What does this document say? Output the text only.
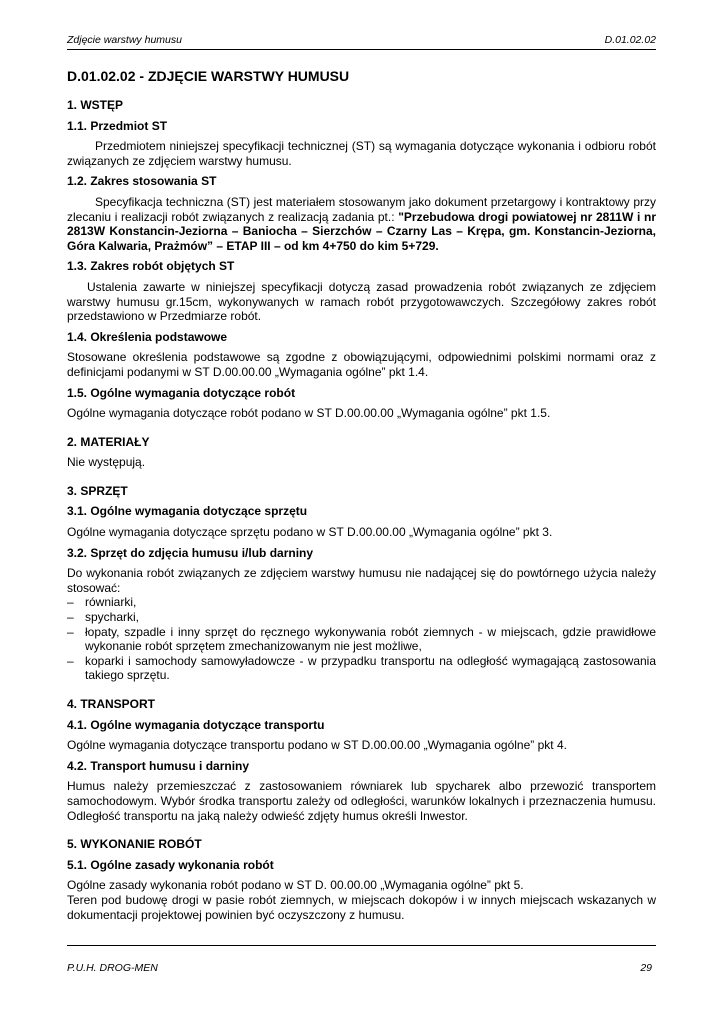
Zdjęcie warstwy humusu	D.01.02.02
D.01.02.02 - ZDJĘCIE WARSTWY HUMUSU
1. WSTĘP
1.1. Przedmiot ST
Przedmiotem niniejszej specyfikacji technicznej (ST) są wymagania dotyczące wykonania i odbioru robót związanych ze zdjęciem warstwy humusu.
1.2. Zakres stosowania ST
Specyfikacja techniczna (ST) jest materiałem stosowanym jako dokument przetargowy i kontraktowy przy zlecaniu i realizacji robót związanych z realizacją zadania pt.: "Przebudowa drogi powiatowej nr 2811W i nr 2813W Konstancin-Jeziorna – Baniocha – Sierzchów – Czarny Las – Krępa, gm. Konstancin-Jeziorna, Góra Kalwaria, Prażmów” – ETAP III – od km 4+750 do kim 5+729.
1.3. Zakres robót objętych ST
Ustalenia zawarte w niniejszej specyfikacji dotyczą zasad prowadzenia robót związanych ze zdjęciem warstwy humusu gr.15cm, wykonywanych w ramach robót przygotowawczych. Szczegółowy zakres robót przedstawiono w Przedmiarze robót.
1.4. Określenia podstawowe
Stosowane określenia podstawowe są zgodne z obowiązującymi, odpowiednimi polskimi normami oraz z definicjami podanymi w ST D.00.00.00 „Wymagania ogólne” pkt 1.4.
1.5. Ogólne wymagania dotyczące robót
Ogólne wymagania dotyczące robót podano w ST D.00.00.00 „Wymagania ogólne” pkt 1.5.
2. MATERIAŁY
Nie występują.
3. SPRZĘT
3.1. Ogólne wymagania dotyczące sprzętu
Ogólne wymagania dotyczące sprzętu podano w ST D.00.00.00 „Wymagania ogólne” pkt 3.
3.2. Sprzęt do zdjęcia humusu i/lub darniny
Do wykonania robót związanych ze zdjęciem warstwy humusu nie nadającej się do powtórnego użycia należy stosować:
– równiarki,
– spycharki,
– łopaty, szpadle i inny sprzęt do ręcznego wykonywania robót ziemnych - w miejscach, gdzie prawidłowe wykonanie robót sprzętem zmechanizowanym nie jest możliwe,
– koparki i samochody samowyładowcze - w przypadku transportu na odległość wymagającą zastosowania takiego sprzętu.
4. TRANSPORT
4.1. Ogólne wymagania dotyczące transportu
Ogólne wymagania dotyczące transportu podano w ST D.00.00.00 „Wymagania ogólne” pkt 4.
4.2. Transport humusu i darniny
Humus należy przemieszczać z zastosowaniem równiarek lub spycharek albo przewozić transportem samochodowym. Wybór środka transportu zależy od odległości, warunków lokalnych i przeznaczenia humusu. Odległość transportu na jaką należy odwieść zdjęty humus określi Inwestor.
5. WYKONANIE ROBÓT
5.1. Ogólne zasady wykonania robót
Ogólne zasady wykonania robót podano w ST D. 00.00.00 „Wymagania ogólne” pkt 5.
Teren pod budowę drogi w pasie robót ziemnych, w miejscach dokopów i w innych miejscach wskazanych w dokumentacji projektowej powinien być oczyszczony z humusu.
P.U.H. DROG-MEN	29
